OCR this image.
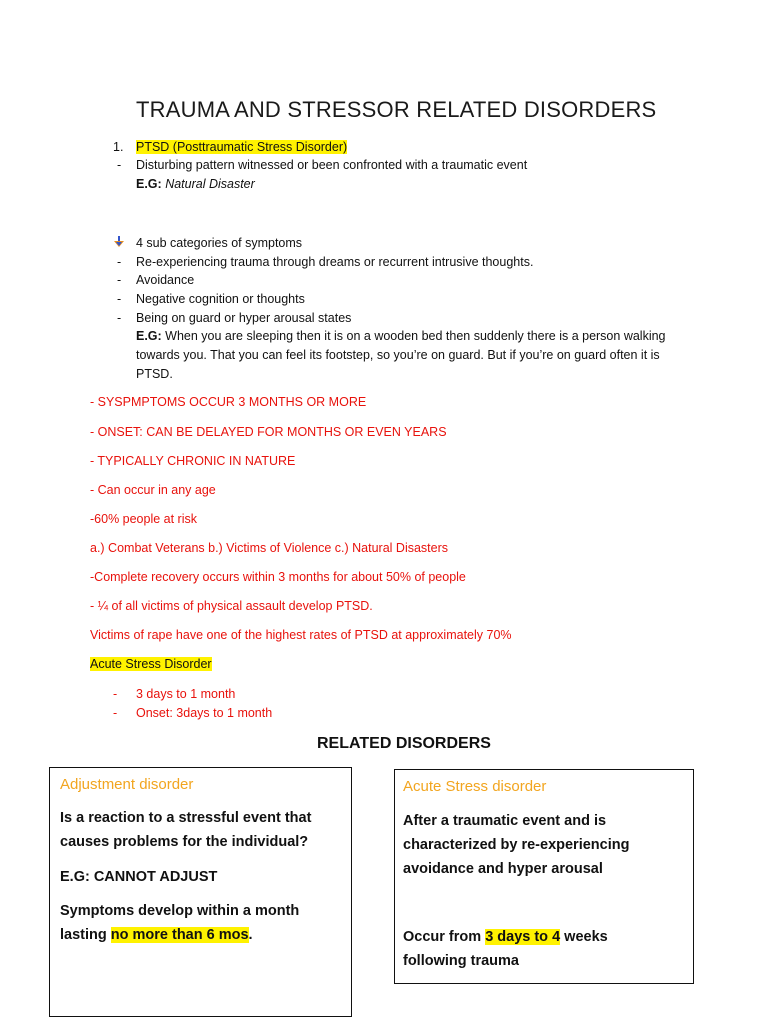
TRAUMA AND STRESSOR RELATED DISORDERS
1. PTSD (Posttraumatic Stress Disorder)
- Disturbing pattern witnessed or been confronted with a traumatic event
E.G: Natural Disaster
4 sub categories of symptoms
- Re-experiencing trauma through dreams or recurrent intrusive thoughts.
- Avoidance
- Negative cognition or thoughts
- Being on guard or hyper arousal states
E.G: When you are sleeping then it is on a wooden bed then suddenly there is a person walking
towards you. That you can feel its footstep, so you’re on guard. But if you’re on guard often it is
PTSD.
- SYSPMPTOMS OCCUR 3 MONTHS OR MORE
- ONSET: CAN BE DELAYED FOR MONTHS OR EVEN YEARS
- TYPICALLY CHRONIC IN NATURE
- Can occur in any age
-60% people at risk
a.) Combat Veterans b.) Victims of Violence c.) Natural Disasters
-Complete recovery occurs within 3 months for about 50% of people
- ¼ of all victims of physical assault develop PTSD.
Victims of rape have one of the highest rates of PTSD at approximately 70%
Acute Stress Disorder
- 3 days to 1 month
- Onset: 3days to 1 month
RELATED DISORDERS
Adjustment disorder
Is a reaction to a stressful event that
causes problems for the individual?
E.G: CANNOT ADJUST
Symptoms develop within a month
lasting no more than 6 mos.
Acute Stress disorder
After a traumatic event and is
characterized by re-experiencing
avoidance and hyper arousal
Occur from 3 days to 4 weeks
following trauma
